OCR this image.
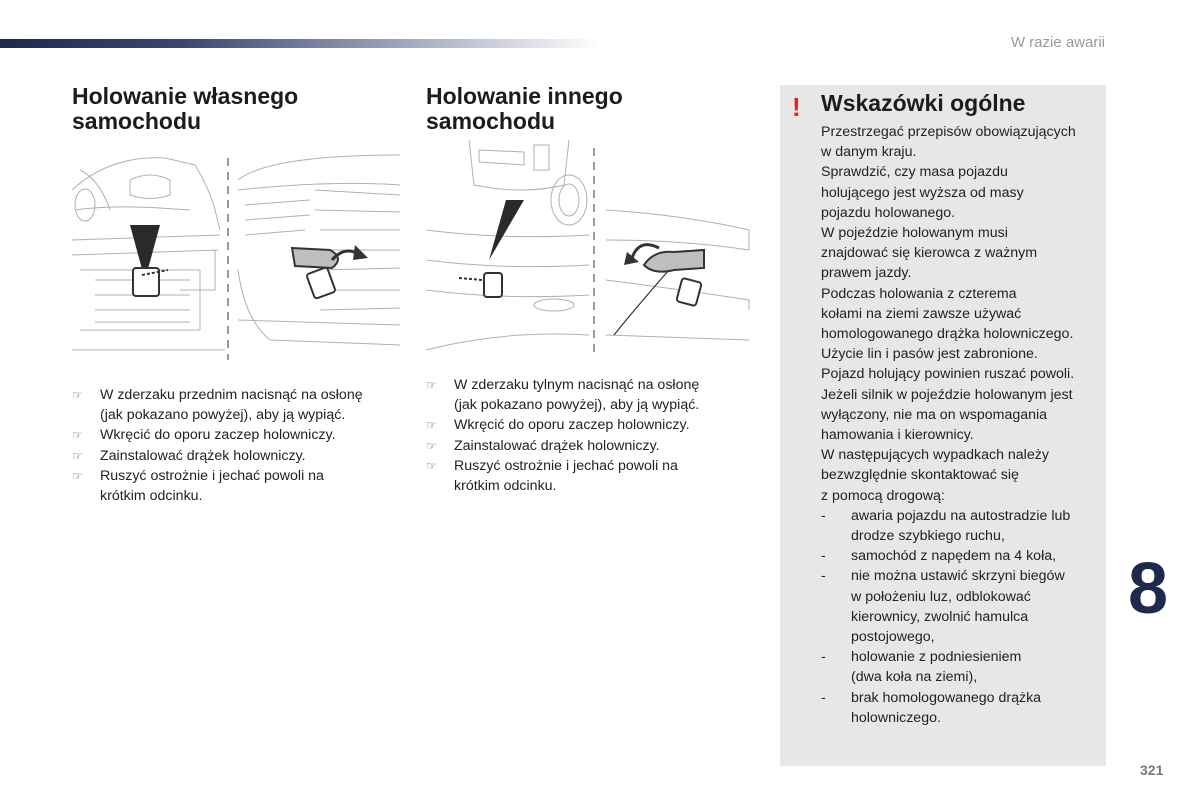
W razie awarii
Holowanie własnego
samochodu
☞ W zderzaku przednim nacisnąć na osłonę
(jak pokazano powyżej), aby ją wypiąć.
☞ Wkręcić do oporu zaczep holowniczy.
☞ Zainstalować drążek holowniczy.
☞ Ruszyć ostrożnie i jechać powoli na
krótkim odcinku.
Holowanie innego
samochodu
☞ W zderzaku tylnym nacisnąć na osłonę
(jak pokazano powyżej), aby ją wypiąć.
☞ Wkręcić do oporu zaczep holowniczy.
☞ Zainstalować drążek holowniczy.
☞ Ruszyć ostrożnie i jechać powoli na
krótkim odcinku.
! Wskazówki ogólne

Przestrzegać przepisów obowiązujących

w danym kraju.

Sprawdzić, czy masa pojazdu

holującego jest wyższa od masy

pojazdu holowanego.

W pojeździe holowanym musi

znajdować się kierowca z ważnym

prawem jazdy.

Podczas holowania z czterema

kołami na ziemi zawsze używać

homologowanego drążka holowniczego.

Użycie lin i pasów jest zabronione.

Pojazd holujący powinien ruszać powoli.

Jeżeli silnik w pojeździe holowanym jest

wyłączony, nie ma on wspomagania

hamowania i kierownicy.

W następujących wypadkach należy

bezwzględnie skontaktować się

z pomocą drogową:

- awaria pojazdu na autostradzie lub
drodze szybkiego ruchu,
- samochód z napędem na 4 koła,
- nie można ustawić skrzyni biegów
w położeniu luz, odblokować
kierownicy, zwolnić hamulca
postojowego,
- holowanie z podniesieniem
(dwa koła na ziemi),
- brak homologowanego drążka
holowniczego.
8
321
